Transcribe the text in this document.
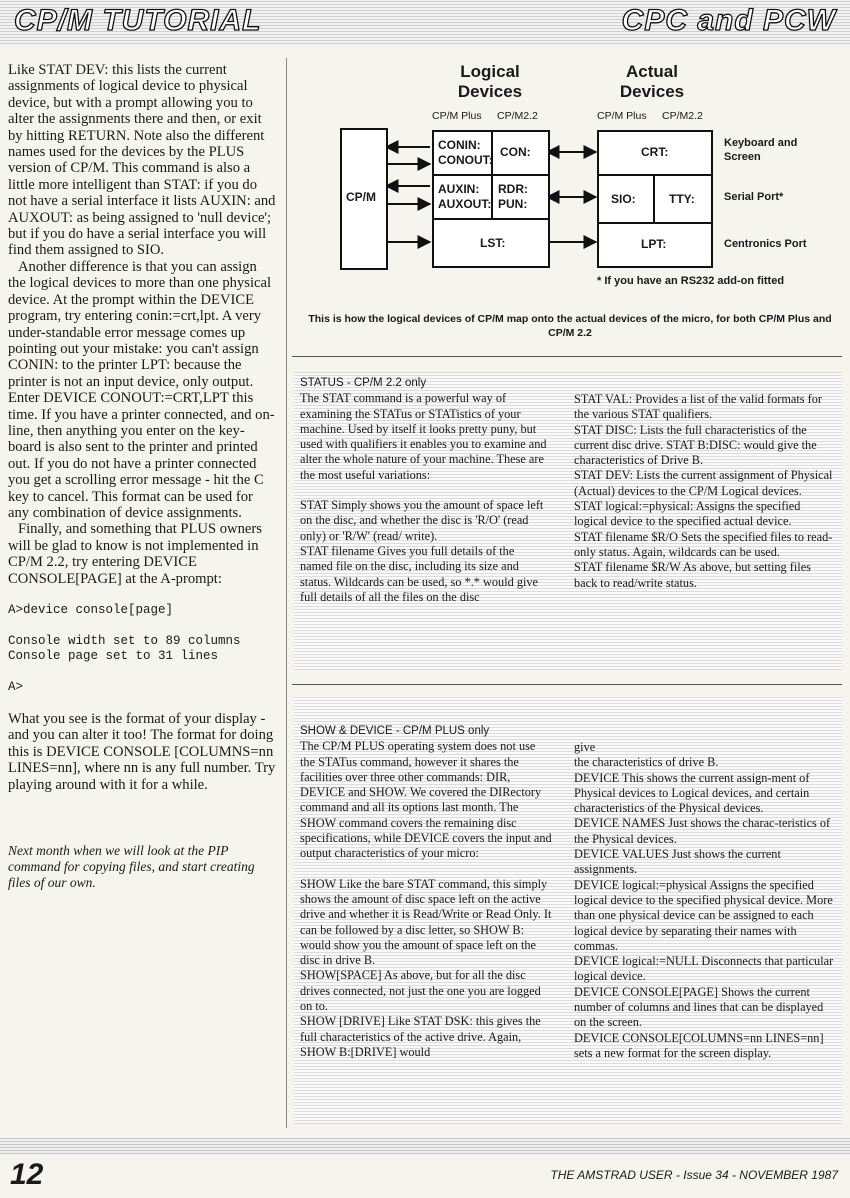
CP/M TUTORIAL	CPC and PCW

Like STAT DEV: this lists the current assignments of logical device to physical device, but with a prompt allowing you to alter the assignments there and then, or exit by hitting RETURN. Note also the different names used for the devices by the PLUS version of CP/M. This command is also a little more intelligent than STAT: if you do not have a serial interface it lists AUXIN: and AUXOUT: as being assigned to 'null device'; but if you do have a serial interface you will find them assigned to SIO.

Another difference is that you can assign the logical devices to more than one physical device. At the prompt within the DEVICE program, try entering conin:=crt,lpt. A very under-standable error message comes up pointing out your mistake: you can't assign CONIN: to the printer LPT: because the printer is not an input device, only output. Enter DEVICE CONOUT:=CRT,LPT this time. If you have a printer connected, and on-line, then anything you enter on the key-board is also sent to the printer and printed out. If you do not have a printer connected you get a scrolling error message - hit the C key to cancel. This format can be used for any combination of device assignments.

Finally, and something that PLUS owners will be glad to know is not implemented in CP/M 2.2, try entering DEVICE CONSOLE[PAGE] at the A-prompt:

A>device console[page]

Console width set to 89 columns
Console page set to 31 lines

A>

What you see is the format of your display - and you can alter it too! The format for doing this is DEVICE CONSOLE [COLUMNS=nn LINES=nn], where nn is any full number. Try playing around with it for a while.

Next month when we will look at the PIP command for copying files, and start creating files of our own.

Logical Devices
Actual Devices
CP/M Plus CP/M2.2	CP/M Plus CP/M2.2
CP/M
CONIN:
CONOUT:
CON:
AUXIN:
AUXOUT:
RDR:
PUN:
LST:
CRT:
SIO:	TTY:
LPT:
Keyboard and Screen
Serial Port*
Centronics Port
* If you have an RS232 add-on fitted
This is how the logical devices of CP/M map onto the actual devices of the micro, for both CP/M Plus and CP/M 2.2

STATUS - CP/M 2.2 only

The STAT command is a powerful way of examining the STATus or STATistics of your machine. Used by itself it looks pretty puny, but used with qualifiers it enables you to examine and alter the whole nature of your machine. These are the most useful variations:

STAT Simply shows you the amount of space left on the disc, and whether the disc is 'R/O' (read only) or 'R/W' (read/ write).

STAT filename Gives you full details of the named file on the disc, including its size and status. Wildcards can be used, so *.* would give full details of all the files on the disc

STAT VAL: Provides a list of the valid formats for the various STAT qualifiers.

STAT DISC: Lists the full characteristics of the current disc drive. STAT B:DISC: would give the characteristics of Drive B.

STAT DEV: Lists the current assignment of Physical (Actual) devices to the CP/M Logical devices.

STAT logical:=physical: Assigns the specified logical device to the specified actual device.

STAT filename $R/O Sets the specified files to read-only status. Again, wildcards can be used.

STAT filename $R/W As above, but setting files back to read/write status.

SHOW & DEVICE - CP/M PLUS only

The CP/M PLUS operating system does not use the STATus command, however it shares the facilities over three other commands: DIR, DEVICE and SHOW. We covered the DIRectory command and all its options last month. The SHOW command covers the remaining disc specifications, while DEVICE covers the input and output characteristics of your micro:

SHOW Like the bare STAT command, this simply shows the amount of disc space left on the active drive and whether it is Read/Write or Read Only. It can be followed by a disc letter, so SHOW B: would show you the amount of space left on the disc in drive B.

SHOW[SPACE] As above, but for all the disc drives connected, not just the one you are logged on to.

SHOW [DRIVE] Like STAT DSK: this gives the full characteristics of the active drive. Again, SHOW B:[DRIVE] would

give

the characteristics of drive B.

DEVICE This shows the current assign-ment of Physical devices to Logical devices, and certain characteristics of the Physical devices.

DEVICE NAMES Just shows the charac-teristics of the Physical devices.

DEVICE VALUES Just shows the current assignments.

DEVICE logical:=physical Assigns the specified logical device to the specified physical device. More than one physical device can be assigned to each logical device by separating their names with commas.

DEVICE logical:=NULL Disconnects that particular logical device.

DEVICE CONSOLE[PAGE] Shows the current number of columns and lines that can be displayed on the screen.

DEVICE CONSOLE[COLUMNS=nn LINES=nn] sets a new format for the screen display.

12	THE AMSTRAD USER - Issue 34 - NOVEMBER 1987
